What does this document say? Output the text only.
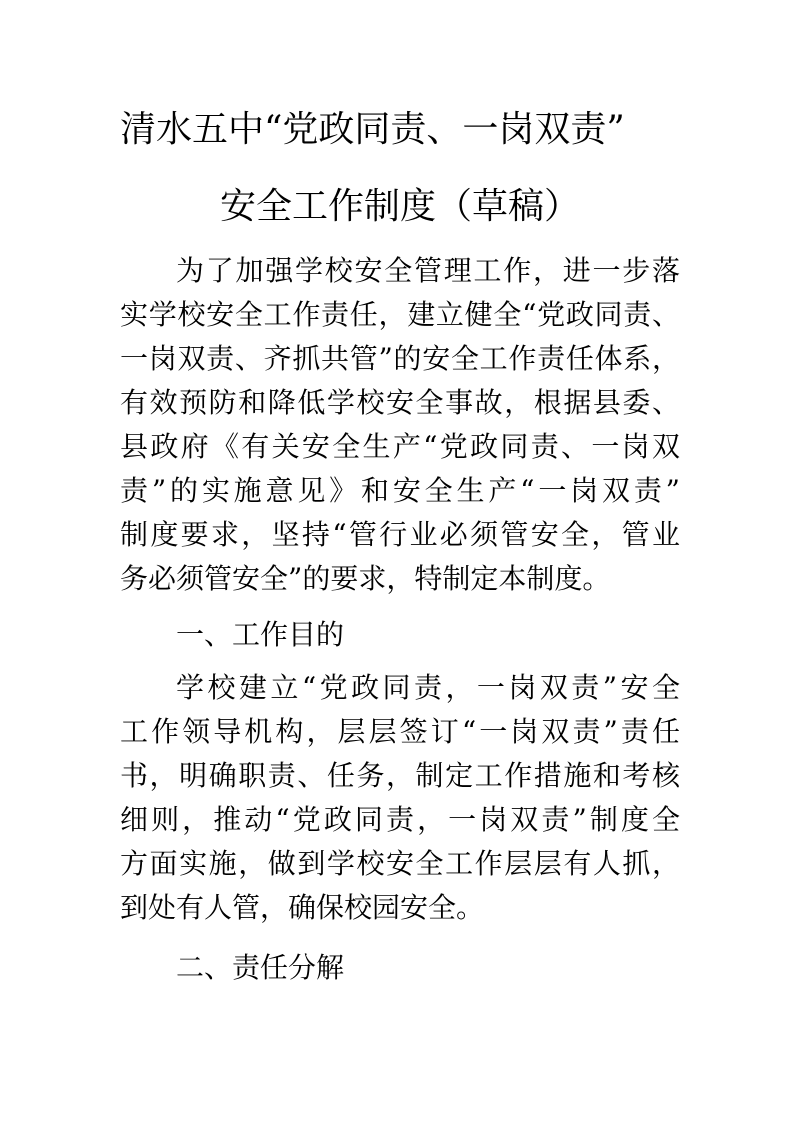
清水五中“党政同责、一岗双责”
安全工作制度（草稿）
为了加强学校安全管理工作，进一步落
实学校安全工作责任，建立健全“党政同责、
一岗双责、齐抓共管”的安全工作责任体系，
有效预防和降低学校安全事故，根据县委、
县政府《有关安全生产“党政同责、一岗双
责”的实施意见》和安全生产“一岗双责”
制度要求，坚持“管行业必须管安全，管业
务必须管安全”的要求，特制定本制度。
一、工作目的
学校建立“党政同责，一岗双责”安全
工作领导机构，层层签订“一岗双责”责任
书，明确职责、任务，制定工作措施和考核
细则，推动“党政同责，一岗双责”制度全
方面实施，做到学校安全工作层层有人抓，
到处有人管，确保校园安全。
二、责任分解
